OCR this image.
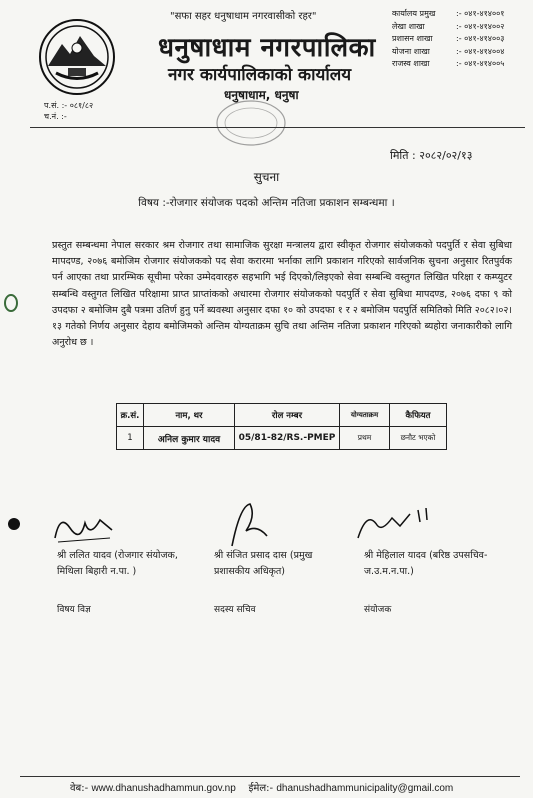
"सफा सहर धनुषाधाम नगरवासीको रहर"
धनुषाधाम नगरपालिका
नगर कार्यपालिकाको कार्यालय
धनुषाधाम, धनुषा
कार्यालय प्रमुख	:- ०४१-४१४००१
लेखा शाखा	:- ०४१-४१४००२
प्रशासन शाखा	:- ०४१-४१४००३
योजना शाखा	:- ०४१-४१४००४
राजस्व शाखा	:- ०४१-४१४००५
प.सं. :- ०८१/८२
च.नं. :-
मिति : २०८२/०२/१३
सुचना
विषय :-रोजगार संयोजक पदको अन्तिम नतिजा प्रकाशन सम्बन्धमा ।
प्रस्तुत सम्बन्धमा नेपाल सरकार श्रम रोजगार तथा सामाजिक सुरक्षा मन्त्रालय द्वारा स्वीकृत रोजगार संयोजकको पदपुर्ति र सेवा सुबिधा मापदण्ड, २०७६ बमोजिम रोजगार संयोजकको पद सेवा करारमा भर्नाका लागि प्रकाशन गरिएको सार्वजनिक सुचना अनुसार रितपुर्वक पर्न आएका तथा प्रारम्भिक सूचीमा परेका उम्मेदवारहरु सहभागि भई दिएको/लिइएको सेवा सम्बन्धि वस्तुगत लिखित परिक्षा र कम्प्युटर सम्बन्धि वस्तुगत लिखित परिक्षामा प्राप्त प्राप्तांकको अधारमा रोजगार संयोजकको पदपुर्ति र सेवा सुबिधा मापदण्ड, २०७६ दफा ९ को उपदफा २ बमोजिम दुबै पत्रमा उतिर्ण हुनु पर्ने ब्यवस्था अनुसार दफा १० को उपदफा १ र २ बमोजिम पदपुर्ति समितिको मिति २०८२।०२।१३ गतेको निर्णय अनुसार देहाय बमोजिमको अन्तिम योग्यताक्रम सुचि तथा अन्तिम नतिजा प्रकाशन गरिएको ब्यहोरा जनाकारीको लागि अनुरोध छ ।
क्र.सं.	नाम, थर	रोल नम्बर	योग्यताक्रम	कैफियत
1	अनिल कुमार यादव	05/81-82/RS.-PMEP	प्रथम	छनौट भएको
श्री ललित यादव (रोजगार संयोजक, मिथिला बिहारी न.पा. )
विषय विज्ञ
श्री संजित प्रसाद दास (प्रमुख प्रशासकीय अधिकृत)
सदस्य सचिव
श्री मेहिलाल यादव (बरिष्ठ उपसचिव- ज.उ.म.न.पा.)
संयोजक
वेब:- www.dhanushadhammun.gov.np ईमेल:- dhanushadhammunicipality@gmail.com
